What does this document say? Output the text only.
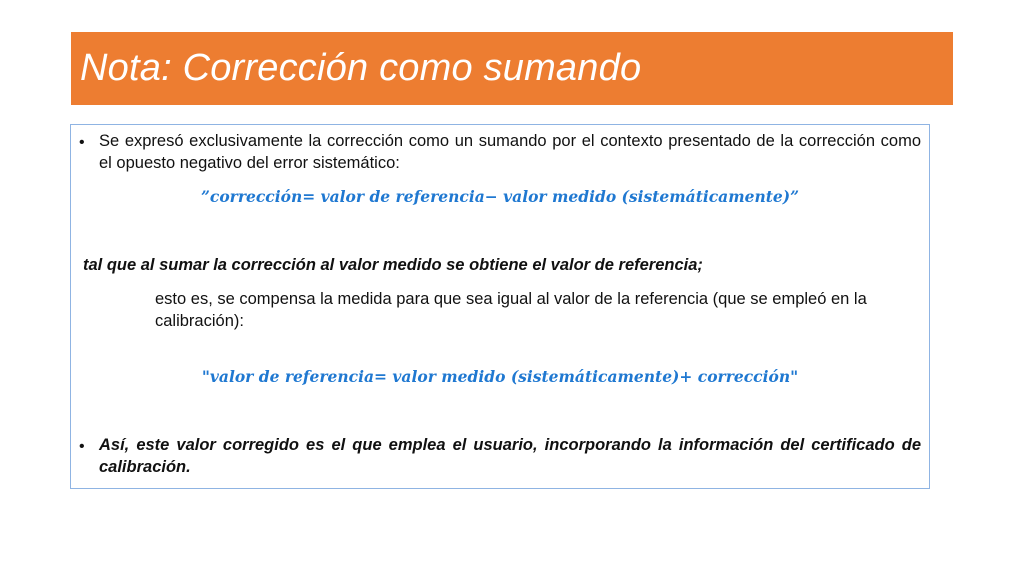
Nota: Corrección como sumando
• Se expresó exclusivamente la corrección como un sumando por el contexto presentado de la corrección como el opuesto negativo del error sistemático:
”corrección= valor de referencia− valor medido (sistemáticamente)”
tal que al sumar la corrección al valor medido se obtiene el valor de referencia;
esto es, se compensa la medida para que sea igual al valor de la referencia (que se empleó en la calibración):
"valor de referencia= valor medido (sistemáticamente)+ corrección"
• Así, este valor corregido es el que emplea el usuario, incorporando la información del certificado de calibración.
